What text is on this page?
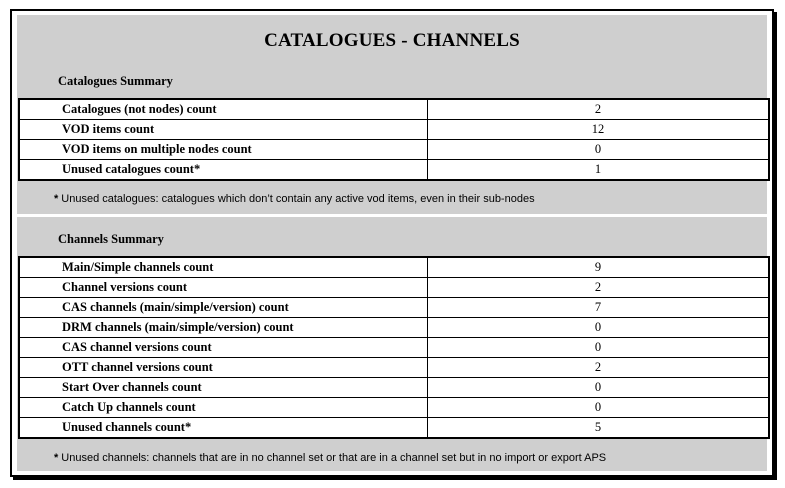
CATALOGUES - CHANNELS
Catalogues Summary
Catalogues (not nodes) count	2
VOD items count	12
VOD items on multiple nodes count	0
Unused catalogues count*	1
* Unused catalogues: catalogues which don’t contain any active vod items, even in their sub-nodes
Channels Summary
Main/Simple channels count	9
Channel versions count	2
CAS channels (main/simple/version) count	7
DRM channels (main/simple/version) count	0
CAS channel versions count	0
OTT channel versions count	2
Start Over channels count	0
Catch Up channels count	0
Unused channels count*	5
* Unused channels: channels that are in no channel set or that are in a channel set but in no import or export APS
